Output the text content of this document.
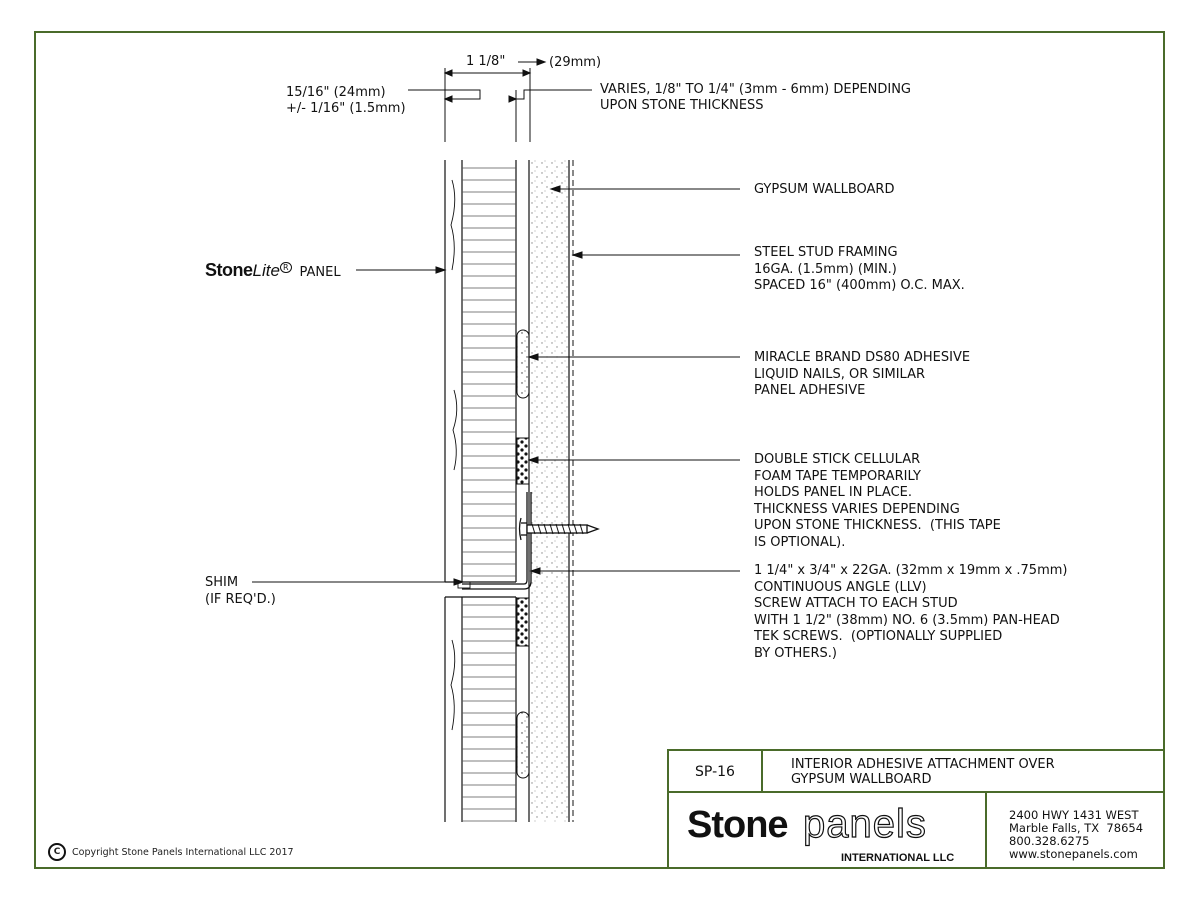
1 1/8"	(29mm)
15/16" (24mm)
+/- 1/16" (1.5mm)
VARIES, 1/8" TO 1/4" (3mm - 6mm) DEPENDING
UPON STONE THICKNESS
GYPSUM WALLBOARD
STEEL STUD FRAMING
16GA. (1.5mm) (MIN.)
SPACED 16" (400mm) O.C. MAX.
MIRACLE BRAND DS80 ADHESIVE
LIQUID NAILS, OR SIMILAR
PANEL ADHESIVE
DOUBLE STICK CELLULAR
FOAM TAPE TEMPORARILY
HOLDS PANEL IN PLACE.
THICKNESS VARIES DEPENDING
UPON STONE THICKNESS.  (THIS TAPE
IS OPTIONAL).
1 1/4" x 3/4" x 22GA. (32mm x 19mm x .75mm)
CONTINUOUS ANGLE (LLV)
SCREW ATTACH TO EACH STUD
WITH 1 1/2" (38mm) NO. 6 (3.5mm) PAN-HEAD
TEK SCREWS.  (OPTIONALLY SUPPLIED
BY OTHERS.)
SHIM
(IF REQ'D.)
StoneLite $^R$ PANEL
SP-16	INTERIOR ADHESIVE ATTACHMENT OVER
GYPSUM WALLBOARD
Stone panels
INTERNATIONAL LLC
2400 HWY 1431 WEST
Marble Falls, TX  78654
800.328.6275
www.stonepanels.com
C	Copyright Stone Panels International LLC 2017
